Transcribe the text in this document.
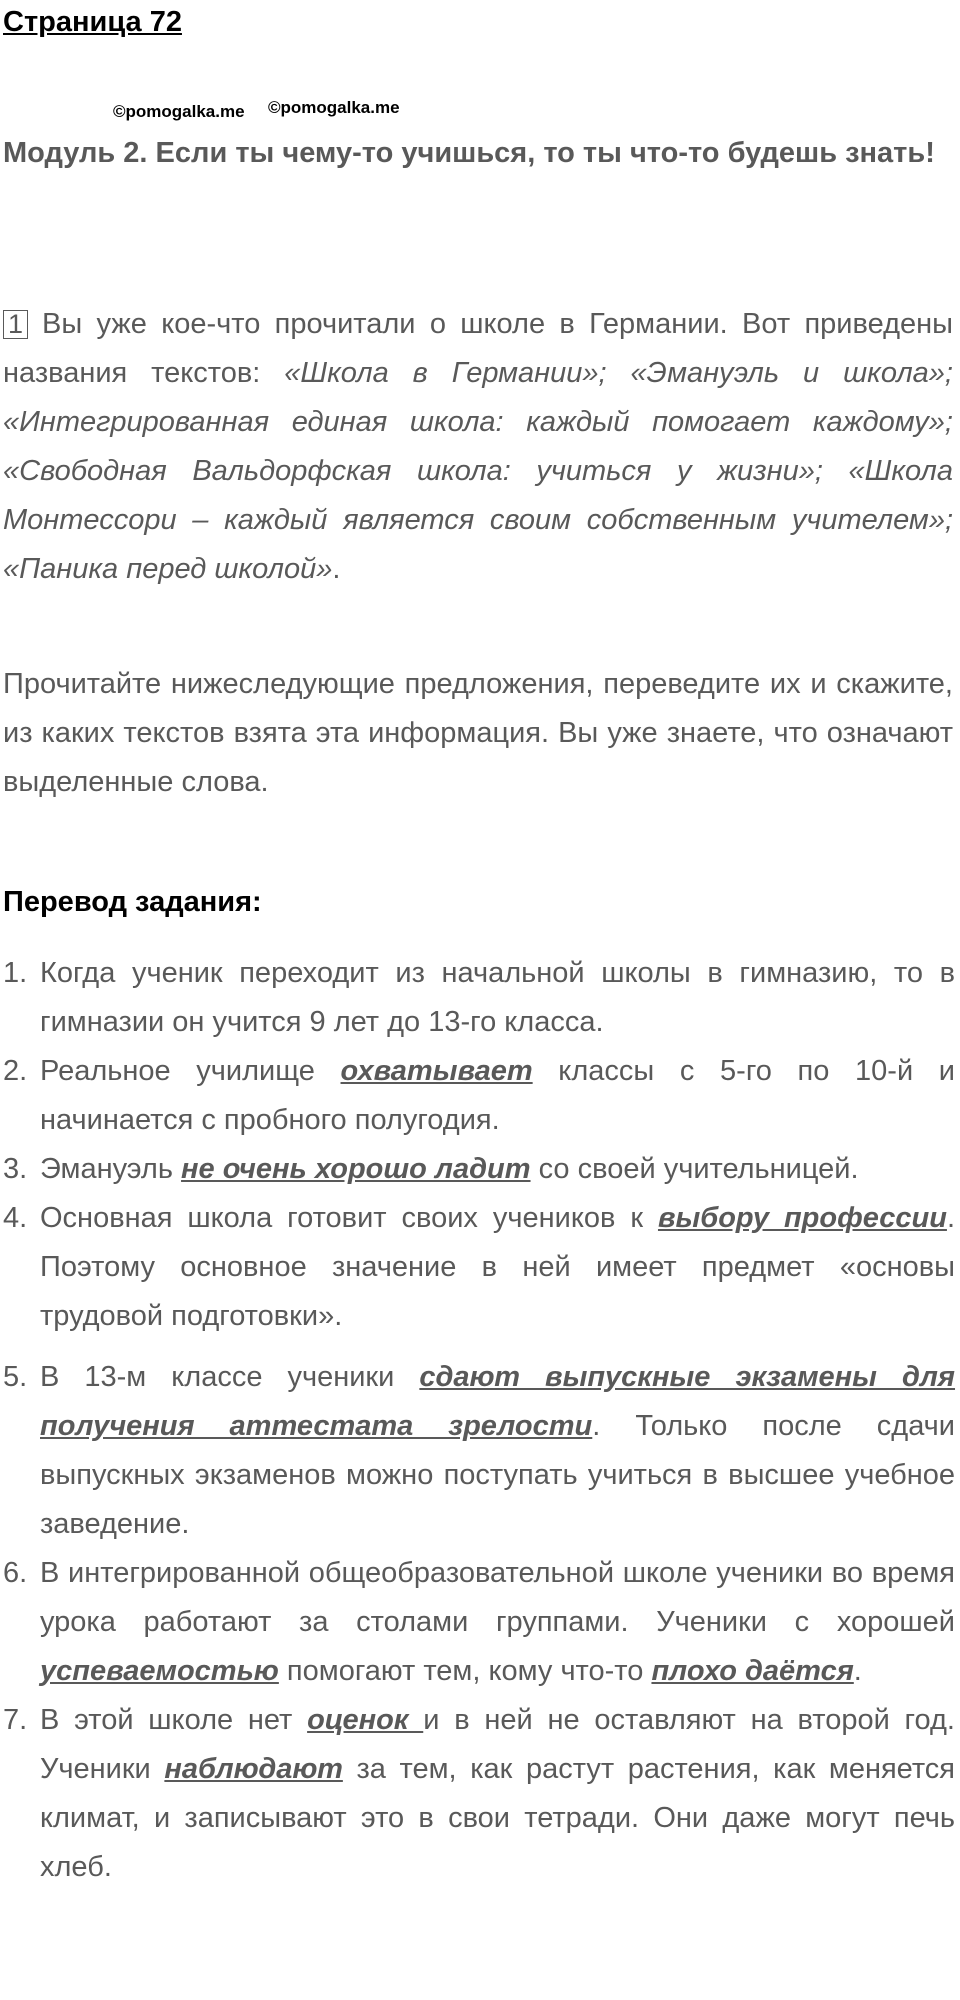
Страница 72
©pomogalka.me ©pomogalka.me
Модуль 2. Если ты чему-то учишься, то ты что-то будешь знать!

1 Вы уже кое-что прочитали о школе в Германии. Вот приведены названия текстов: «Школа в Германии»; «Эмануэль и школа»; «Интегрированная единая школа: каждый помогает каждому»; «Свободная Вальдорфская школа: учиться у жизни»; «Школа Монтессори – каждый является своим собственным учителем»; «Паника перед школой».

Прочитайте нижеследующие предложения, переведите их и скажите, из каких текстов взята эта информация. Вы уже знаете, что означают выделенные слова.

Перевод задания:
1. Когда ученик переходит из начальной школы в гимназию, то в гимназии он учится 9 лет до 13-го класса.
2. Реальное училище охватывает классы с 5-го по 10-й и начинается с пробного полугодия.
3. Эмануэль не очень хорошо ладит со своей учительницей.
4. Основная школа готовит своих учеников к выбору профессии. Поэтому основное значение в ней имеет предмет «основы трудовой подготовки».
5. В 13-м классе ученики сдают выпускные экзамены для получения аттестата зрелости. Только после сдачи выпускных экзаменов можно поступать учиться в высшее учебное заведение.
6. В интегрированной общеобразовательной школе ученики во время урока работают за столами группами. Ученики с хорошей успеваемостью помогают тем, кому что-то плохо даётся.
7. В этой школе нет оценок и в ней не оставляют на второй год. Ученики наблюдают за тем, как растут растения, как меняется климат, и записывают это в свои тетради. Они даже могут печь хлеб.
